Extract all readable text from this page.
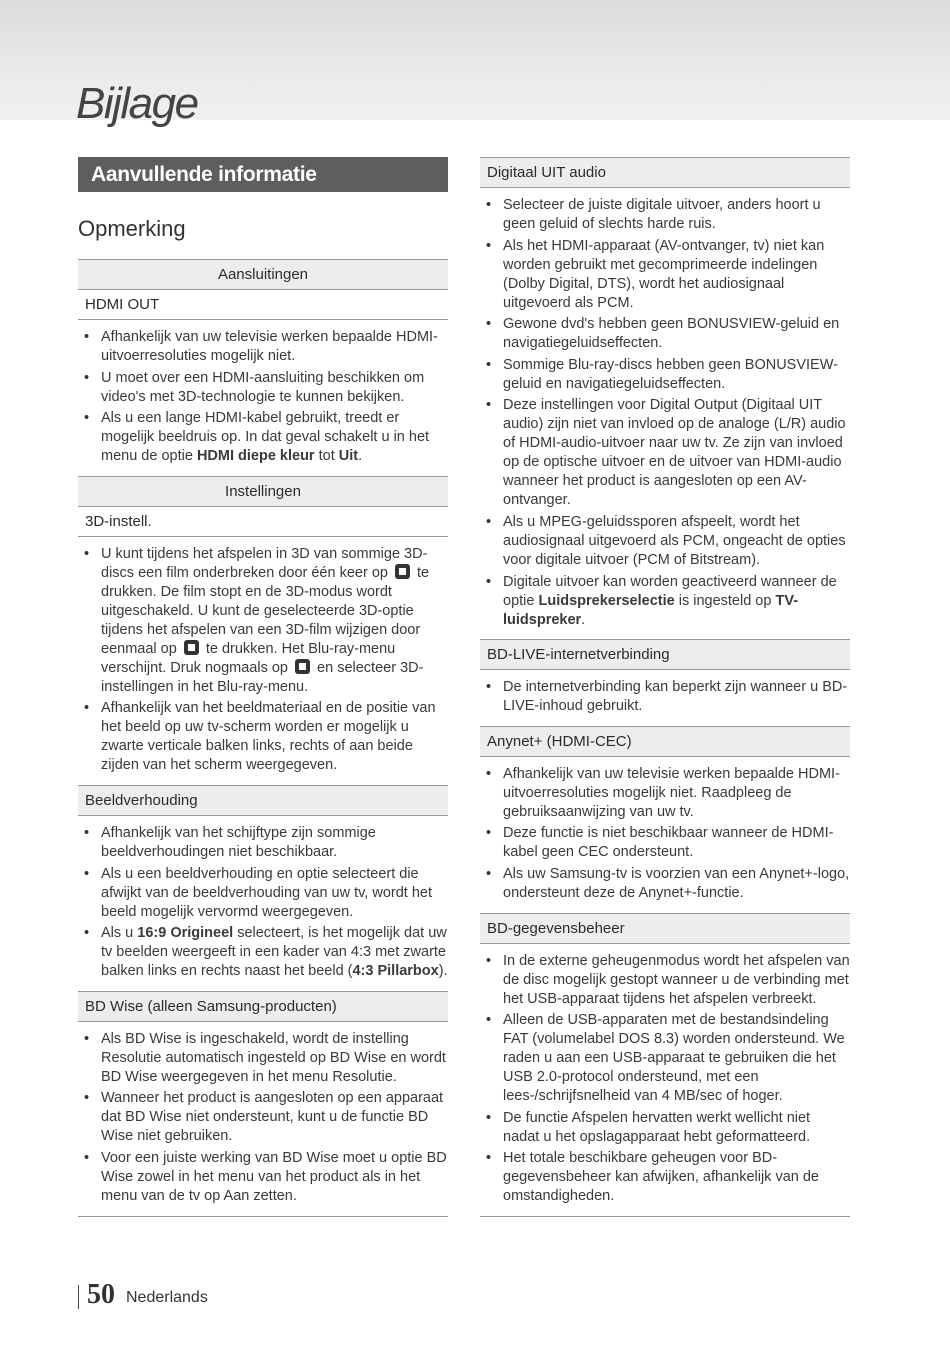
Bijlage
Aanvullende informatie
Opmerking
Aansluitingen
HDMI OUT
• Afhankelijk van uw televisie werken bepaalde HDMI-uitvoerresoluties mogelijk niet.
• U moet over een HDMI-aansluiting beschikken om video's met 3D-technologie te kunnen bekijken.
• Als u een lange HDMI-kabel gebruikt, treedt er mogelijk beeldruis op. In dat geval schakelt u in het menu de optie HDMI diepe kleur tot Uit.
Instellingen
3D-instell.
• U kunt tijdens het afspelen in 3D van sommige 3D-discs een film onderbreken door één keer op te drukken. De film stopt en de 3D-modus wordt uitgeschakeld. U kunt de geselecteerde 3D-optie tijdens het afspelen van een 3D-film wijzigen door eenmaal op te drukken. Het Blu-ray-menu verschijnt. Druk nogmaals op en selecteer 3D-instellingen in het Blu-ray-menu.
• Afhankelijk van het beeldmateriaal en de positie van het beeld op uw tv-scherm worden er mogelijk u zwarte verticale balken links, rechts of aan beide zijden van het scherm weergegeven.
Beeldverhouding
• Afhankelijk van het schijftype zijn sommige beeldverhoudingen niet beschikbaar.
• Als u een beeldverhouding en optie selecteert die afwijkt van de beeldverhouding van uw tv, wordt het beeld mogelijk vervormd weergegeven.
• Als u 16:9 Origineel selecteert, is het mogelijk dat uw tv beelden weergeeft in een kader van 4:3 met zwarte balken links en rechts naast het beeld (4:3 Pillarbox).
BD Wise (alleen Samsung-producten)
• Als BD Wise is ingeschakeld, wordt de instelling Resolutie automatisch ingesteld op BD Wise en wordt BD Wise weergegeven in het menu Resolutie.
• Wanneer het product is aangesloten op een apparaat dat BD Wise niet ondersteunt, kunt u de functie BD Wise niet gebruiken.
• Voor een juiste werking van BD Wise moet u optie BD Wise zowel in het menu van het product als in het menu van de tv op Aan zetten.
Digitaal UIT audio
• Selecteer de juiste digitale uitvoer, anders hoort u geen geluid of slechts harde ruis.
• Als het HDMI-apparaat (AV-ontvanger, tv) niet kan worden gebruikt met gecomprimeerde indelingen (Dolby Digital, DTS), wordt het audiosignaal uitgevoerd als PCM.
• Gewone dvd's hebben geen BONUSVIEW-geluid en navigatiegeluidseffecten.
• Sommige Blu-ray-discs hebben geen BONUSVIEW-geluid en navigatiegeluidseffecten.
• Deze instellingen voor Digital Output (Digitaal UIT audio) zijn niet van invloed op de analoge (L/R) audio of HDMI-audio-uitvoer naar uw tv. Ze zijn van invloed op de optische uitvoer en de uitvoer van HDMI-audio wanneer het product is aangesloten op een AV-ontvanger.
• Als u MPEG-geluidssporen afspeelt, wordt het audiosignaal uitgevoerd als PCM, ongeacht de opties voor digitale uitvoer (PCM of Bitstream).
• Digitale uitvoer kan worden geactiveerd wanneer de optie Luidsprekerselectie is ingesteld op TV-luidspreker.
BD-LIVE-internetverbinding
• De internetverbinding kan beperkt zijn wanneer u BD-LIVE-inhoud gebruikt.
Anynet+ (HDMI-CEC)
• Afhankelijk van uw televisie werken bepaalde HDMI-uitvoerresoluties mogelijk niet. Raadpleeg de gebruiksaanwijzing van uw tv.
• Deze functie is niet beschikbaar wanneer de HDMI-kabel geen CEC ondersteunt.
• Als uw Samsung-tv is voorzien van een Anynet+-logo, ondersteunt deze de Anynet+-functie.
BD-gegevensbeheer
• In de externe geheugenmodus wordt het afspelen van de disc mogelijk gestopt wanneer u de verbinding met het USB-apparaat tijdens het afspelen verbreekt.
• Alleen de USB-apparaten met de bestandsindeling FAT (volumelabel DOS 8.3) worden ondersteund. We raden u aan een USB-apparaat te gebruiken die het USB 2.0-protocol ondersteund, met een lees-/schrijfsnelheid van 4 MB/sec of hoger.
• De functie Afspelen hervatten werkt wellicht niet nadat u het opslagapparaat hebt geformatteerd.
• Het totale beschikbare geheugen voor BD-gegevensbeheer kan afwijken, afhankelijk van de omstandigheden.
50 Nederlands
